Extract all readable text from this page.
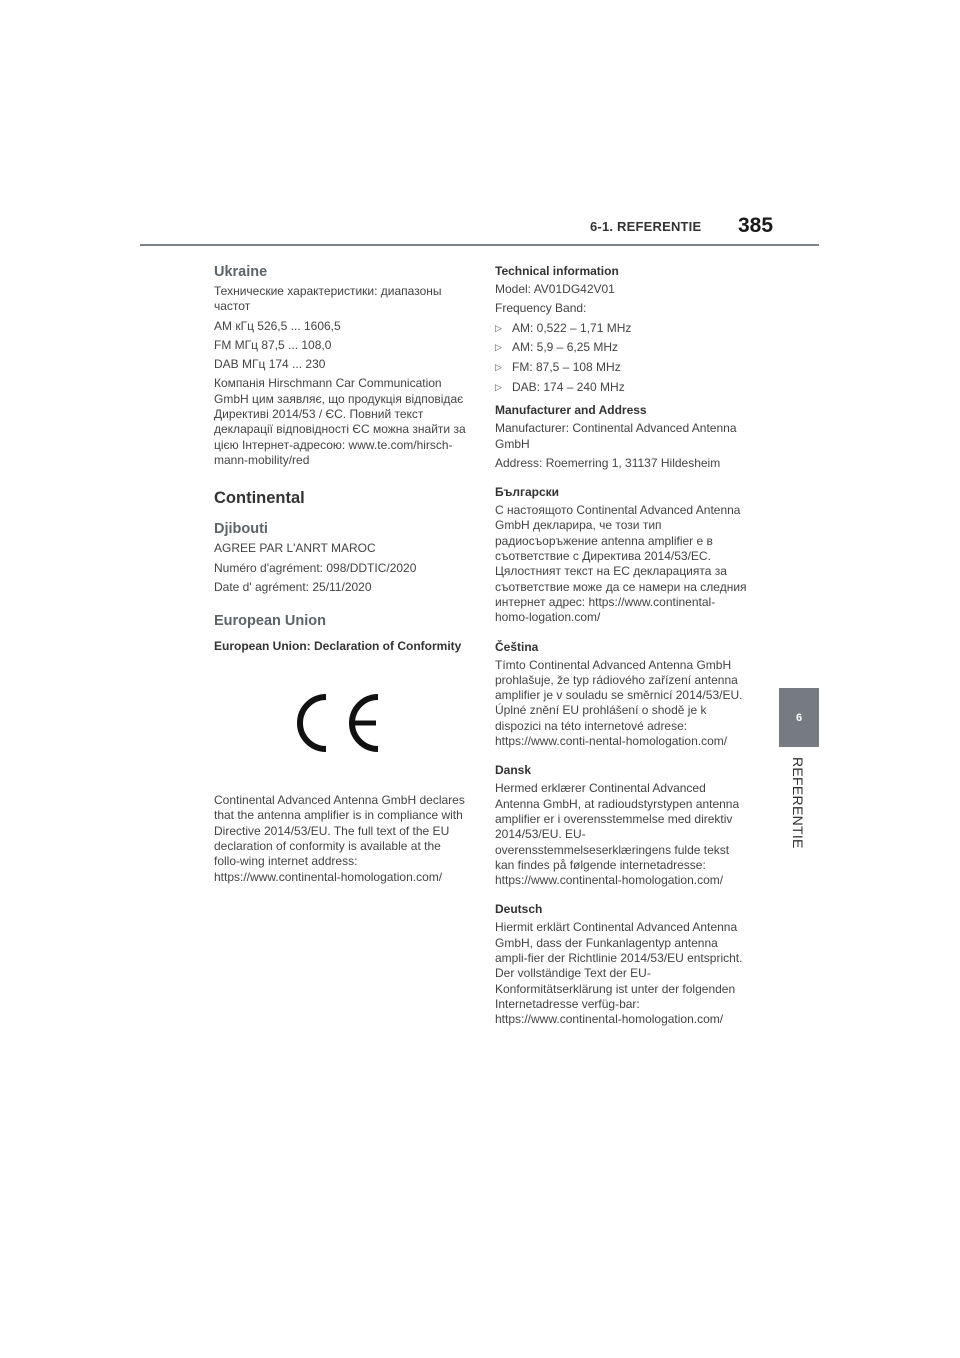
6-1. REFERENTIE 385
6
REFERENTIE
Ukraine

Технические характеристики: диапазоны частот

АМ кГц 526,5 ... 1606,5

FM МГц 87,5 ... 108,0

DAB МГц 174 ... 230

Компанія Hirschmann Car Communication GmbH цим заявляє, що продукція відповідає Директиві 2014/53 / ЄС. Повний текст декларації відповідності ЄС можна знайти за цією Інтернет-адресою: www.te.com/hirsch-mann-mobility/red

Continental
Djibouti

AGREE PAR L'ANRT MAROC

Numéro d'agrément: 098/DDTIC/2020

Date d' agrément: 25/11/2020

European Union
European Union: Declaration of Conformity

Continental Advanced Antenna GmbH declares that the antenna amplifier is in compliance with Directive 2014/53/EU. The full text of the EU declaration of conformity is available at the follo-wing internet address: https://www.continental-homologation.com/

Technical information

Model: AV01DG42V01

Frequency Band:

▷ AM: 0,522 – 1,71 MHz
▷ AM: 5,9 – 6,25 MHz
▷ FM: 87,5 – 108 MHz
▷ DAB: 174 – 240 MHz
Manufacturer and Address

Manufacturer: Continental Advanced Antenna GmbH

Address: Roemerring 1, 31137 Hildesheim

Български

С настоящото Continental Advanced Antenna GmbH декларира, че този тип радиосъоръжение antenna amplifier е в съответствие с Директива 2014/53/ЕС. Цялостният текст на ЕС декларацията за съответствие може да се намери на следния интернет адрес: https://www.continental-homo-logation.com/

Čeština

Tímto Continental Advanced Antenna GmbH prohlašuje, že typ rádiového zařízení antenna amplifier je v souladu se směrnicí 2014/53/EU. Úplné znění EU prohlášení o shodě je k dispozici na této internetové adrese: https://www.conti-nental-homologation.com/

Dansk

Hermed erklærer Continental Advanced Antenna GmbH, at radioudstyrstypen antenna amplifier er i overensstemmelse med direktiv 2014/53/EU. EU-overensstemmelseserklæringens fulde tekst kan findes på følgende internetadresse: https://www.continental-homologation.com/

Deutsch

Hiermit erklärt Continental Advanced Antenna GmbH, dass der Funkanlagentyp antenna ampli-fier der Richtlinie 2014/53/EU entspricht. Der vollständige Text der EU-Konformitätserklärung ist unter der folgenden Internetadresse verfüg-bar: https://www.continental-homologation.com/
